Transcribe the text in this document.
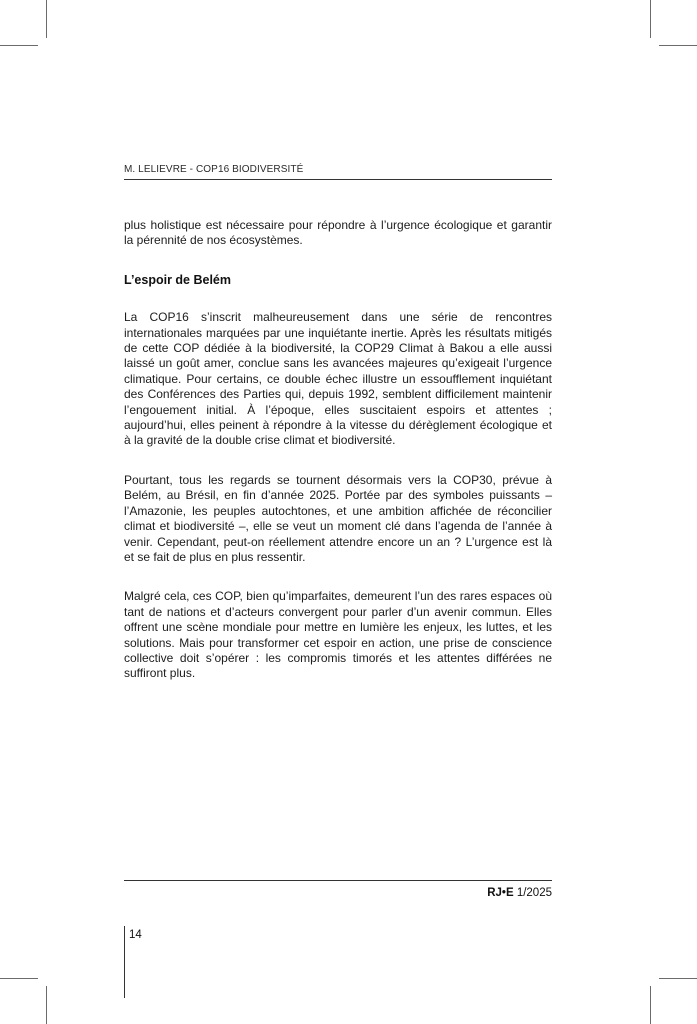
M. LELIEVRE - COP16 BIODIVERSITÉ

plus holistique est nécessaire pour répondre à l’urgence écologique et garantir la pérennité de nos écosystèmes.

L’espoir de Belém

La COP16 s’inscrit malheureusement dans une série de rencontres internationales marquées par une inquiétante inertie. Après les résultats mitigés de cette COP dédiée à la biodiversité, la COP29 Climat à Bakou a elle aussi laissé un goût amer, conclue sans les avancées majeures qu’exigeait l’urgence climatique. Pour certains, ce double échec illustre un essoufflement inquiétant des Conférences des Parties qui, depuis 1992, semblent difficilement maintenir l’engouement initial. À l’époque, elles suscitaient espoirs et attentes ; aujourd’hui, elles peinent à répondre à la vitesse du dérèglement écologique et à la gravité de la double crise climat et biodiversité.

Pourtant, tous les regards se tournent désormais vers la COP30, prévue à Belém, au Brésil, en fin d’année 2025. Portée par des symboles puissants – l’Amazonie, les peuples autochtones, et une ambition affichée de réconcilier climat et biodiversité –, elle se veut un moment clé dans l’agenda de l’année à venir. Cependant, peut-on réellement attendre encore un an ? L’urgence est là et se fait de plus en plus ressentir.

Malgré cela, ces COP, bien qu’imparfaites, demeurent l’un des rares espaces où tant de nations et d’acteurs convergent pour parler d’un avenir commun. Elles offrent une scène mondiale pour mettre en lumière les enjeux, les luttes, et les solutions. Mais pour transformer cet espoir en action, une prise de conscience collective doit s’opérer : les compromis timorés et les attentes différées ne suffiront plus.

RJ•E 1/2025
14
